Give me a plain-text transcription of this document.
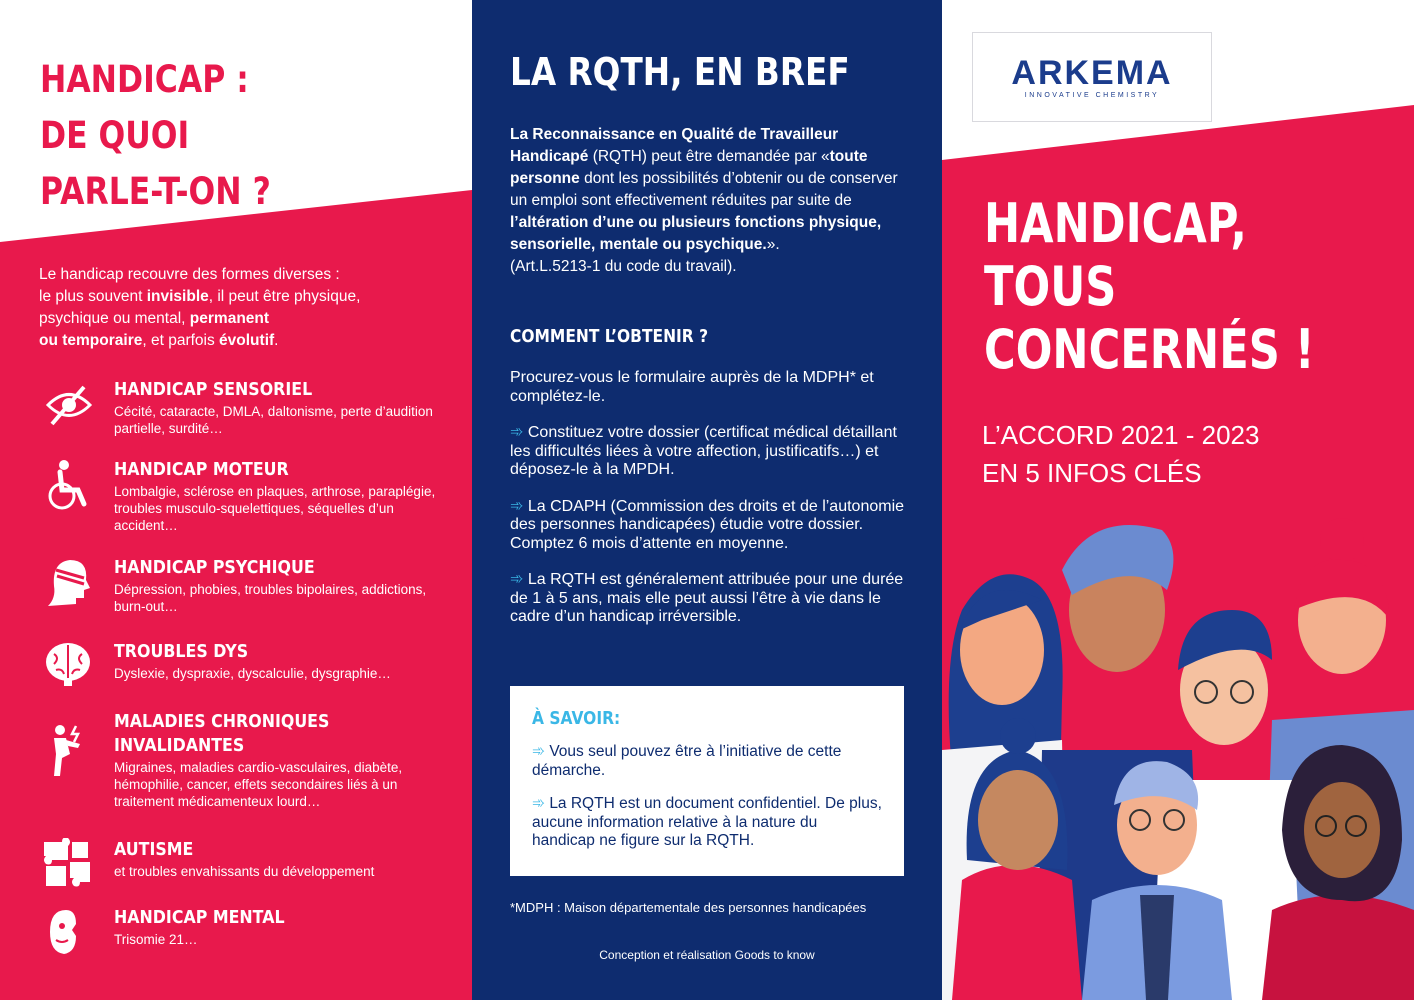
HANDICAP :
DE QUOI
PARLE-T-ON ?
Le handicap recouvre des formes diverses :
le plus souvent invisible, il peut être physique,
psychique ou mental, permanent
ou temporaire, et parfois évolutif.
HANDICAP SENSORIEL
Cécité, cataracte, DMLA, daltonisme, perte d’audition partielle, surdité…
HANDICAP MOTEUR
Lombalgie, sclérose en plaques, arthrose, paraplégie, troubles musculo-squelettiques, séquelles d’un accident…
HANDICAP PSYCHIQUE
Dépression, phobies, troubles bipolaires, addictions, burn-out…
TROUBLES DYS
Dyslexie, dyspraxie, dyscalculie, dysgraphie…
MALADIES CHRONIQUES
INVALIDANTES
Migraines, maladies cardio-vasculaires, diabète, hémophilie, cancer, effets secondaires liés à un traitement médicamenteux lourd…
AUTISME
et troubles envahissants du développement
HANDICAP MENTAL
Trisomie 21…
LA RQTH, EN BREF
La Reconnaissance en Qualité de Travailleur Handicapé (RQTH) peut être demandée par «toute personne dont les possibilités d’obtenir ou de conserver un emploi sont effectivement réduites par suite de l’altération d’une ou plusieurs fonctions physique, sensorielle, mentale ou psychique.».
(Art.L.5213-1 du code du travail).
COMMENT L’OBTENIR ?

Procurez-vous le formulaire auprès de la MDPH* et complétez-le.

➾ Constituez votre dossier (certificat médical détaillant les difficultés liées à votre affection, justificatifs…) et déposez-le à la MPDH.

➾ La CDAPH (Commission des droits et de l’autonomie des personnes handicapées) étudie votre dossier. Comptez 6 mois d’attente en moyenne.

➾ La RQTH est généralement attribuée pour une durée de 1 à 5 ans, mais elle peut aussi l’être à vie dans le cadre d’un handicap irréversible.

À SAVOIR:

➾ Vous seul pouvez être à l’initiative de cette démarche.

➾ La RQTH est un document confidentiel. De plus, aucune information relative à la nature du handicap ne figure sur la RQTH.

*MDPH : Maison départementale des personnes handicapées
Conception et réalisation Goods to know
ARKEMA
INNOVATIVE CHEMISTRY
HANDICAP,
TOUS
CONCERNÉS !
L’ACCORD 2021 - 2023
EN 5 INFOS CLÉS
